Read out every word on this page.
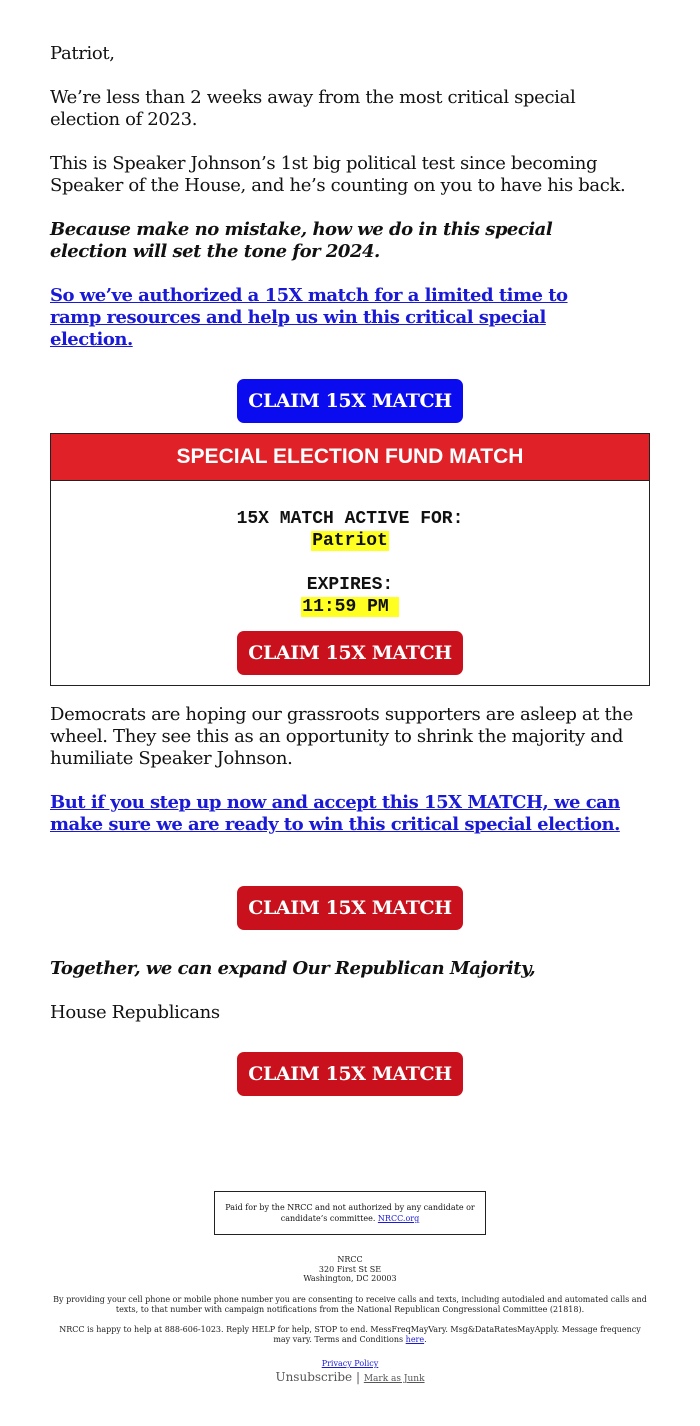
Patriot,

We’re less than 2 weeks away from the most critical special election of 2023.

This is Speaker Johnson’s 1st big political test since becoming Speaker of the House, and he’s counting on you to have his back.

Because make no mistake, how we do in this special election will set the tone for 2024.

So we’ve authorized a 15X match for a limited time to ramp resources and help us win this critical special election.

CLAIM 15X MATCH
SPECIAL ELECTION FUND MATCH
15X MATCH ACTIVE FOR:
Patriot
EXPIRES:
11:59 PM
CLAIM 15X MATCH

Democrats are hoping our grassroots supporters are asleep at the wheel. They see this as an opportunity to shrink the majority and humiliate Speaker Johnson.

But if you step up now and accept this 15X MATCH, we can make sure we are ready to win this critical special election.

CLAIM 15X MATCH

Together, we can expand Our Republican Majority,

House Republicans

CLAIM 15X MATCH
Paid for by the NRCC and not authorized by any candidate or candidate’s committee. NRCC.org
NRCC
320 First St SE
Washington, DC 20003
By providing your cell phone or mobile phone number you are consenting to receive calls and texts, including autodialed and automated calls and texts, to that number with campaign notifications from the National Republican Congressional Committee (21818).
NRCC is happy to help at 888-606-1023. Reply HELP for help, STOP to end. MessFreqMayVary. Msg&DataRatesMayApply. Message frequency may vary. Terms and Conditions here.
Privacy Policy
Unsubscribe | Mark as Junk
